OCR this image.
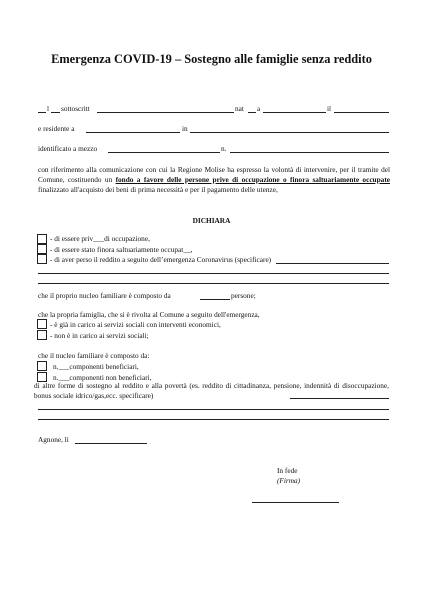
Emergenza COVID-19 – Sostegno alle famiglie senza reddito
l sottoscritt	nat a	il
e residente a	in
identificato a mezzo	n.
con riferimento alla comunicazione con cui la Regione Molise ha espresso la volontà di intervenire, per il tramite del Comune, costituendo un fondo a favore delle persone prive di occupazione o finora saltuariamente occupate finalizzato all'acquisto dei beni di prima necessità e per il pagamento delle utenze,
DICHIARA
- di essere priv___di occupazione,
- di essere stato finora saltuariamente occupat__,
- di aver perso il reddito a seguito dell’emergenza Coronavirus (specificare)
che il proprio nucleo familiare è composto da	persone;
che la propria famiglia, che si è rivolta al Comune a seguito dell'emergenza,
- è già in carico ai servizi sociali con interventi economici,
- non è in carico ai servizi sociali;
che il nucleo familiare è composto da:
n.___componenti beneficiari,
n.___componenti non beneficiari,
di altre forme di sostegno al reddito e alla povertà (es. reddito di cittadinanza, pensione, indennità di disoccupazione, bonus sociale idrico/gas,ecc. specificare)
Agnone, lì
In fede
(Firma)
